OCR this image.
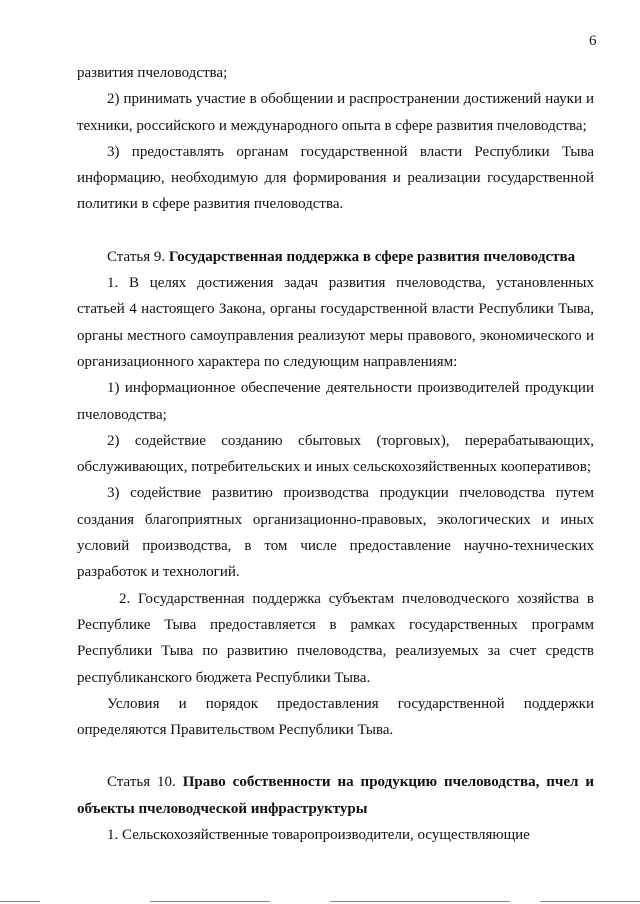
6

развития пчеловодства;

2) принимать участие в обобщении и распространении достижений науки и техники, российского и международного опыта в сфере развития пчеловодства;

3) предоставлять органам государственной власти Республики Тыва информацию, необходимую для формирования и реализации государственной политики в сфере развития пчеловодства.

Статья 9. Государственная поддержка в сфере развития пчеловодства

1. В целях достижения задач развития пчеловодства, установленных статьей 4 настоящего Закона, органы государственной власти Республики Тыва, органы местного самоуправления реализуют меры правового, экономического и организационного характера по следующим направлениям:

1) информационное обеспечение деятельности производителей продукции пчеловодства;

2) содействие созданию сбытовых (торговых), перерабатывающих, обслуживающих, потребительских и иных сельскохозяйственных кооперативов;

3) содействие развитию производства продукции пчеловодства путем создания благоприятных организационно-правовых, экологических и иных условий производства, в том числе предоставление научно-технических разработок и технологий.

2. Государственная поддержка субъектам пчеловодческого хозяйства в Республике Тыва предоставляется в рамках государственных программ Республики Тыва по развитию пчеловодства, реализуемых за счет средств республиканского бюджета Республики Тыва.

Условия и порядок предоставления государственной поддержки определяются Правительством Республики Тыва.

Статья 10. Право собственности на продукцию пчеловодства, пчел и объекты пчеловодческой инфраструктуры

1. Сельскохозяйственные товаропроизводители, осуществляющие
